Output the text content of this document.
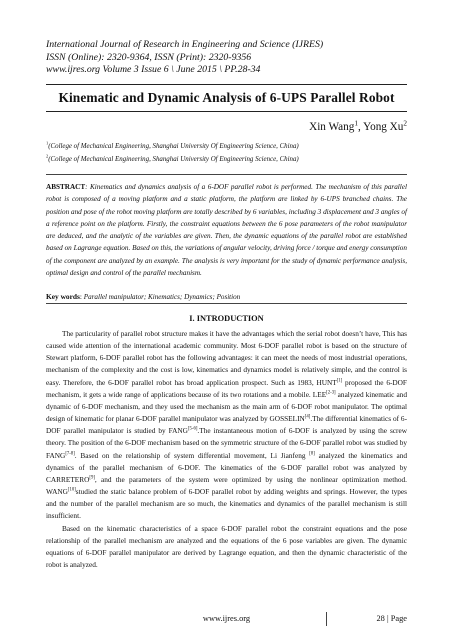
International Journal of Research in Engineering and Science (IJRES)
ISSN (Online): 2320-9364, ISSN (Print): 2320-9356
www.ijres.org Volume 3 Issue 6 \ June 2015 \ PP.28-34
Kinematic and Dynamic Analysis of 6-UPS Parallel Robot
Xin Wang$^1$, Yong Xu$^2$
$^1$(College of Mechanical Engineering, Shanghai University Of Engineering Science, China)
$^2$(College of Mechanical Engineering, Shanghai University Of Engineering Science, China)
ABSTRACT: Kinematics and dynamics analysis of a 6-DOF parallel robot is performed. The mechanism of this parallel robot is composed of a moving platform and a static platform, the platform are linked by 6-UPS branched chains. The position and pose of the robot moving platform are totally described by 6 variables, including 3 displacement and 3 angles of a reference point on the platform. Firstly, the constraint equations between the 6 pose parameters of the robot manipulator are deduced, and the analytic of the variables are given. Then, the dynamic equations of the parallel robot are established based on Lagrange equation. Based on this, the variations of angular velocity, driving force / torque and energy consumption of the component are analyzed by an example. The analysis is very important for the study of dynamic performance analysis, optimal design and control of the parallel mechanism.
Key words: Parallel manipulator; Kinematics; Dynamics; Position
I. INTRODUCTION

The particularity of parallel robot structure makes it have the advantages which the serial robot doesn’t have, This has caused wide attention of the international academic community. Most 6-DOF parallel robot is based on the structure of Stewart platform, 6-DOF parallel robot has the following advantages: it can meet the needs of most industrial operations, mechanism of the complexity and the cost is low, kinematics and dynamics model is relatively simple, and the control is easy. Therefore, the 6-DOF parallel robot has broad application prospect. Such as 1983, HUNT[1] proposed the 6-DOF mechanism, it gets a wide range of applications because of its two rotations and a mobile. LEE[2-3] analyzed kinematic and dynamic of 6-DOF mechanism, and they used the mechanism as the main arm of 6-DOF robot manipulator. The optimal design of kinematic for planar 6-DOF parallel manipulator was analyzed by GOSSELIN[4].The differential kinematics of 6-DOF parallel manipulator is studied by FANG[5-6].The instantaneous motion of 6-DOF is analyzed by using the screw theory. The position of the 6-DOF mechanism based on the symmetric structure of the 6-DOF parallel robot was studied by FANG[7-8]. Based on the relationship of system differential movement, Li Jianfeng [8] analyzed the kinematics and dynamics of the parallel mechanism of 6-DOF. The kinematics of the 6-DOF parallel robot was analyzed by CARRETERO[9], and the parameters of the system were optimized by using the nonlinear optimization method. WANG[10]studied the static balance problem of 6-DOF parallel robot by adding weights and springs. However, the types and the number of the parallel mechanism are so much, the kinematics and dynamics of the parallel mechanism is still insufficient.

Based on the kinematic characteristics of a space 6-DOF parallel robot the constraint equations and the pose relationship of the parallel mechanism are analyzed and the equations of the 6 pose variables are given. The dynamic equations of 6-DOF parallel manipulator are derived by Lagrange equation, and then the dynamic characteristic of the robot is analyzed.

www.ijres.org	28 | Page
